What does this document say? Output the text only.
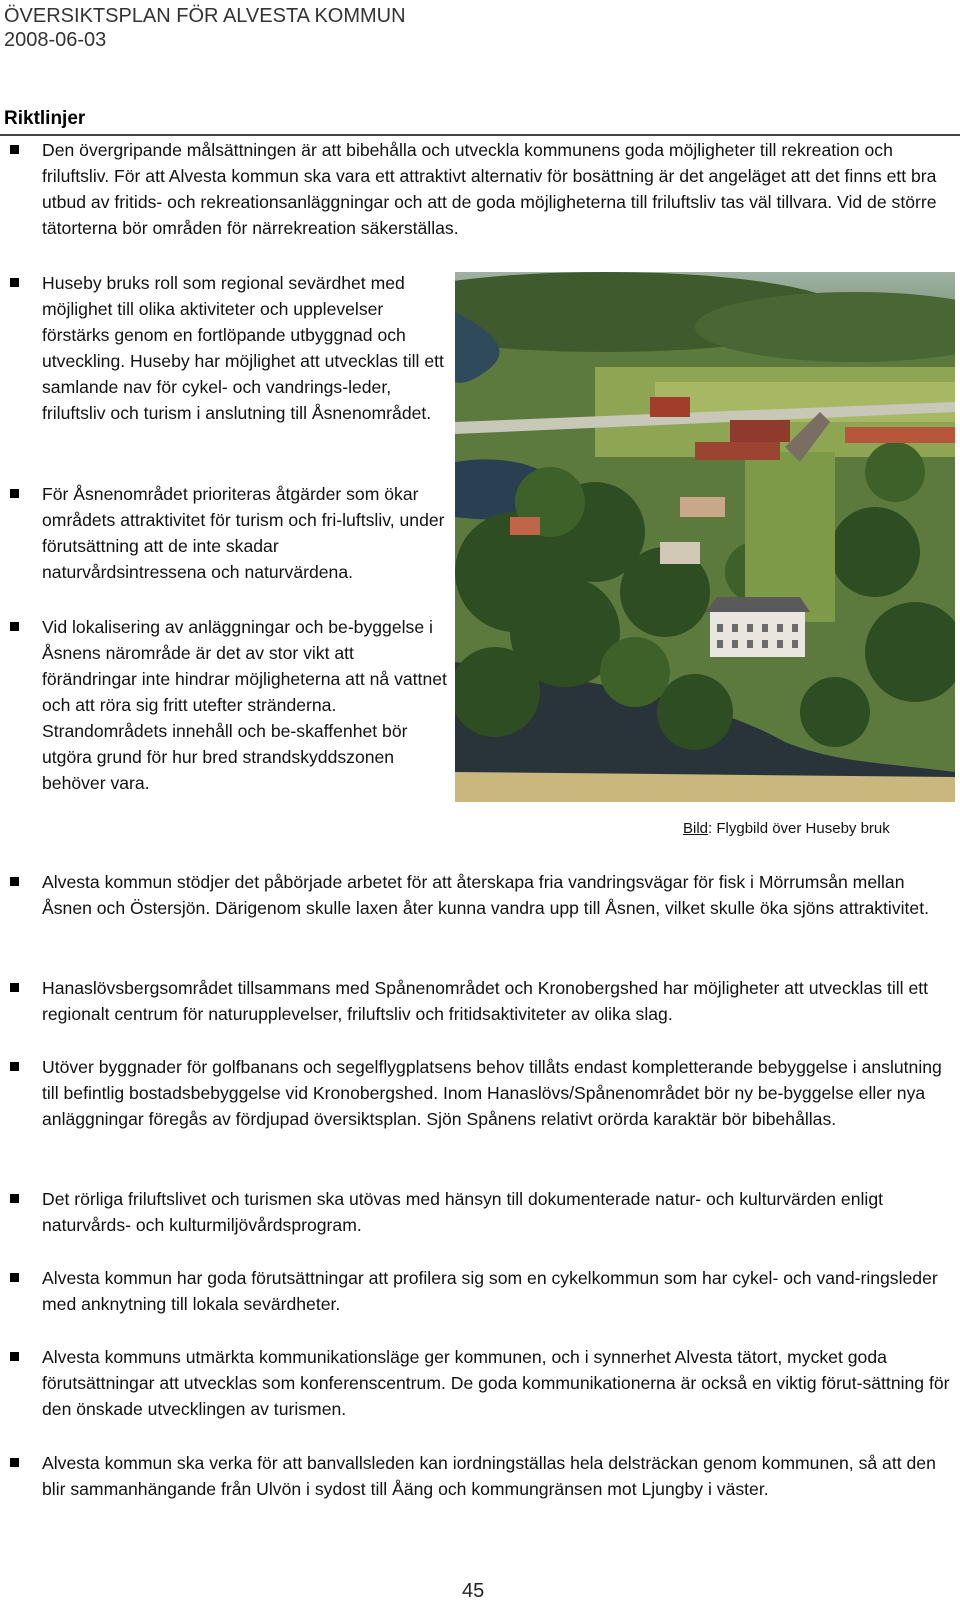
ÖVERSIKTSPLAN FÖR ALVESTA KOMMUN
2008-06-03
Riktlinjer

Den övergripande målsättningen är att bibehålla och utveckla kommunens goda möjligheter till rekreation och friluftsliv. För att Alvesta kommun ska vara ett attraktivt alternativ för bosättning är det angeläget att det finns ett bra utbud av fritids- och rekreationsanläggningar och att de goda möjligheterna till friluftsliv tas väl tillvara. Vid de större tätorterna bör områden för närrekreation säkerställas.

Huseby bruks roll som regional sevärdhet med möjlighet till olika aktiviteter och upplevelser förstärks genom en fortlöpande utbyggnad och utveckling. Huseby har möjlighet att utvecklas till ett samlande nav för cykel- och vandrings-leder, friluftsliv och turism i anslutning till Åsnenområdet.

För Åsnenområdet prioriteras åtgärder som ökar områdets attraktivitet för turism och fri-luftsliv, under förutsättning att de inte skadar naturvårdsintressena och naturvärdena.

Vid lokalisering av anläggningar och be-byggelse i Åsnens närområde är det av stor vikt att förändringar inte hindrar möjligheterna att nå vattnet och att röra sig fritt utefter stränderna. Strandområdets innehåll och be-skaffenhet bör utgöra grund för hur bred strandskyddszonen behöver vara.

Bild: Flygbild över Huseby bruk

Alvesta kommun stödjer det påbörjade arbetet för att återskapa fria vandringsvägar för fisk i Mörrumsån mellan Åsnen och Östersjön. Därigenom skulle laxen åter kunna vandra upp till Åsnen, vilket skulle öka sjöns attraktivitet.

Hanaslövsbergsområdet tillsammans med Spånenområdet och Kronobergshed har möjligheter att utvecklas till ett regionalt centrum för naturupplevelser, friluftsliv och fritidsaktiviteter av olika slag.

Utöver byggnader för golfbanans och segelflygplatsens behov tillåts endast kompletterande bebyggelse i anslutning till befintlig bostadsbebyggelse vid Kronobergshed. Inom Hanaslövs/Spånenområdet bör ny be-byggelse eller nya anläggningar föregås av fördjupad översiktsplan. Sjön Spånens relativt orörda karaktär bör bibehållas.

Det rörliga friluftslivet och turismen ska utövas med hänsyn till dokumenterade natur- och kulturvärden enligt naturvårds- och kulturmiljövårdsprogram.

Alvesta kommun har goda förutsättningar att profilera sig som en cykelkommun som har cykel- och vand-ringsleder med anknytning till lokala sevärdheter.

Alvesta kommuns utmärkta kommunikationsläge ger kommunen, och i synnerhet Alvesta tätort, mycket goda förutsättningar att utvecklas som konferenscentrum. De goda kommunikationerna är också en viktig förut-sättning för den önskade utvecklingen av turismen.

Alvesta kommun ska verka för att banvallsleden kan iordningställas hela delsträckan genom kommunen, så att den blir sammanhängande från Ulvön i sydost till Åäng och kommungränsen mot Ljungby i väster.

45
